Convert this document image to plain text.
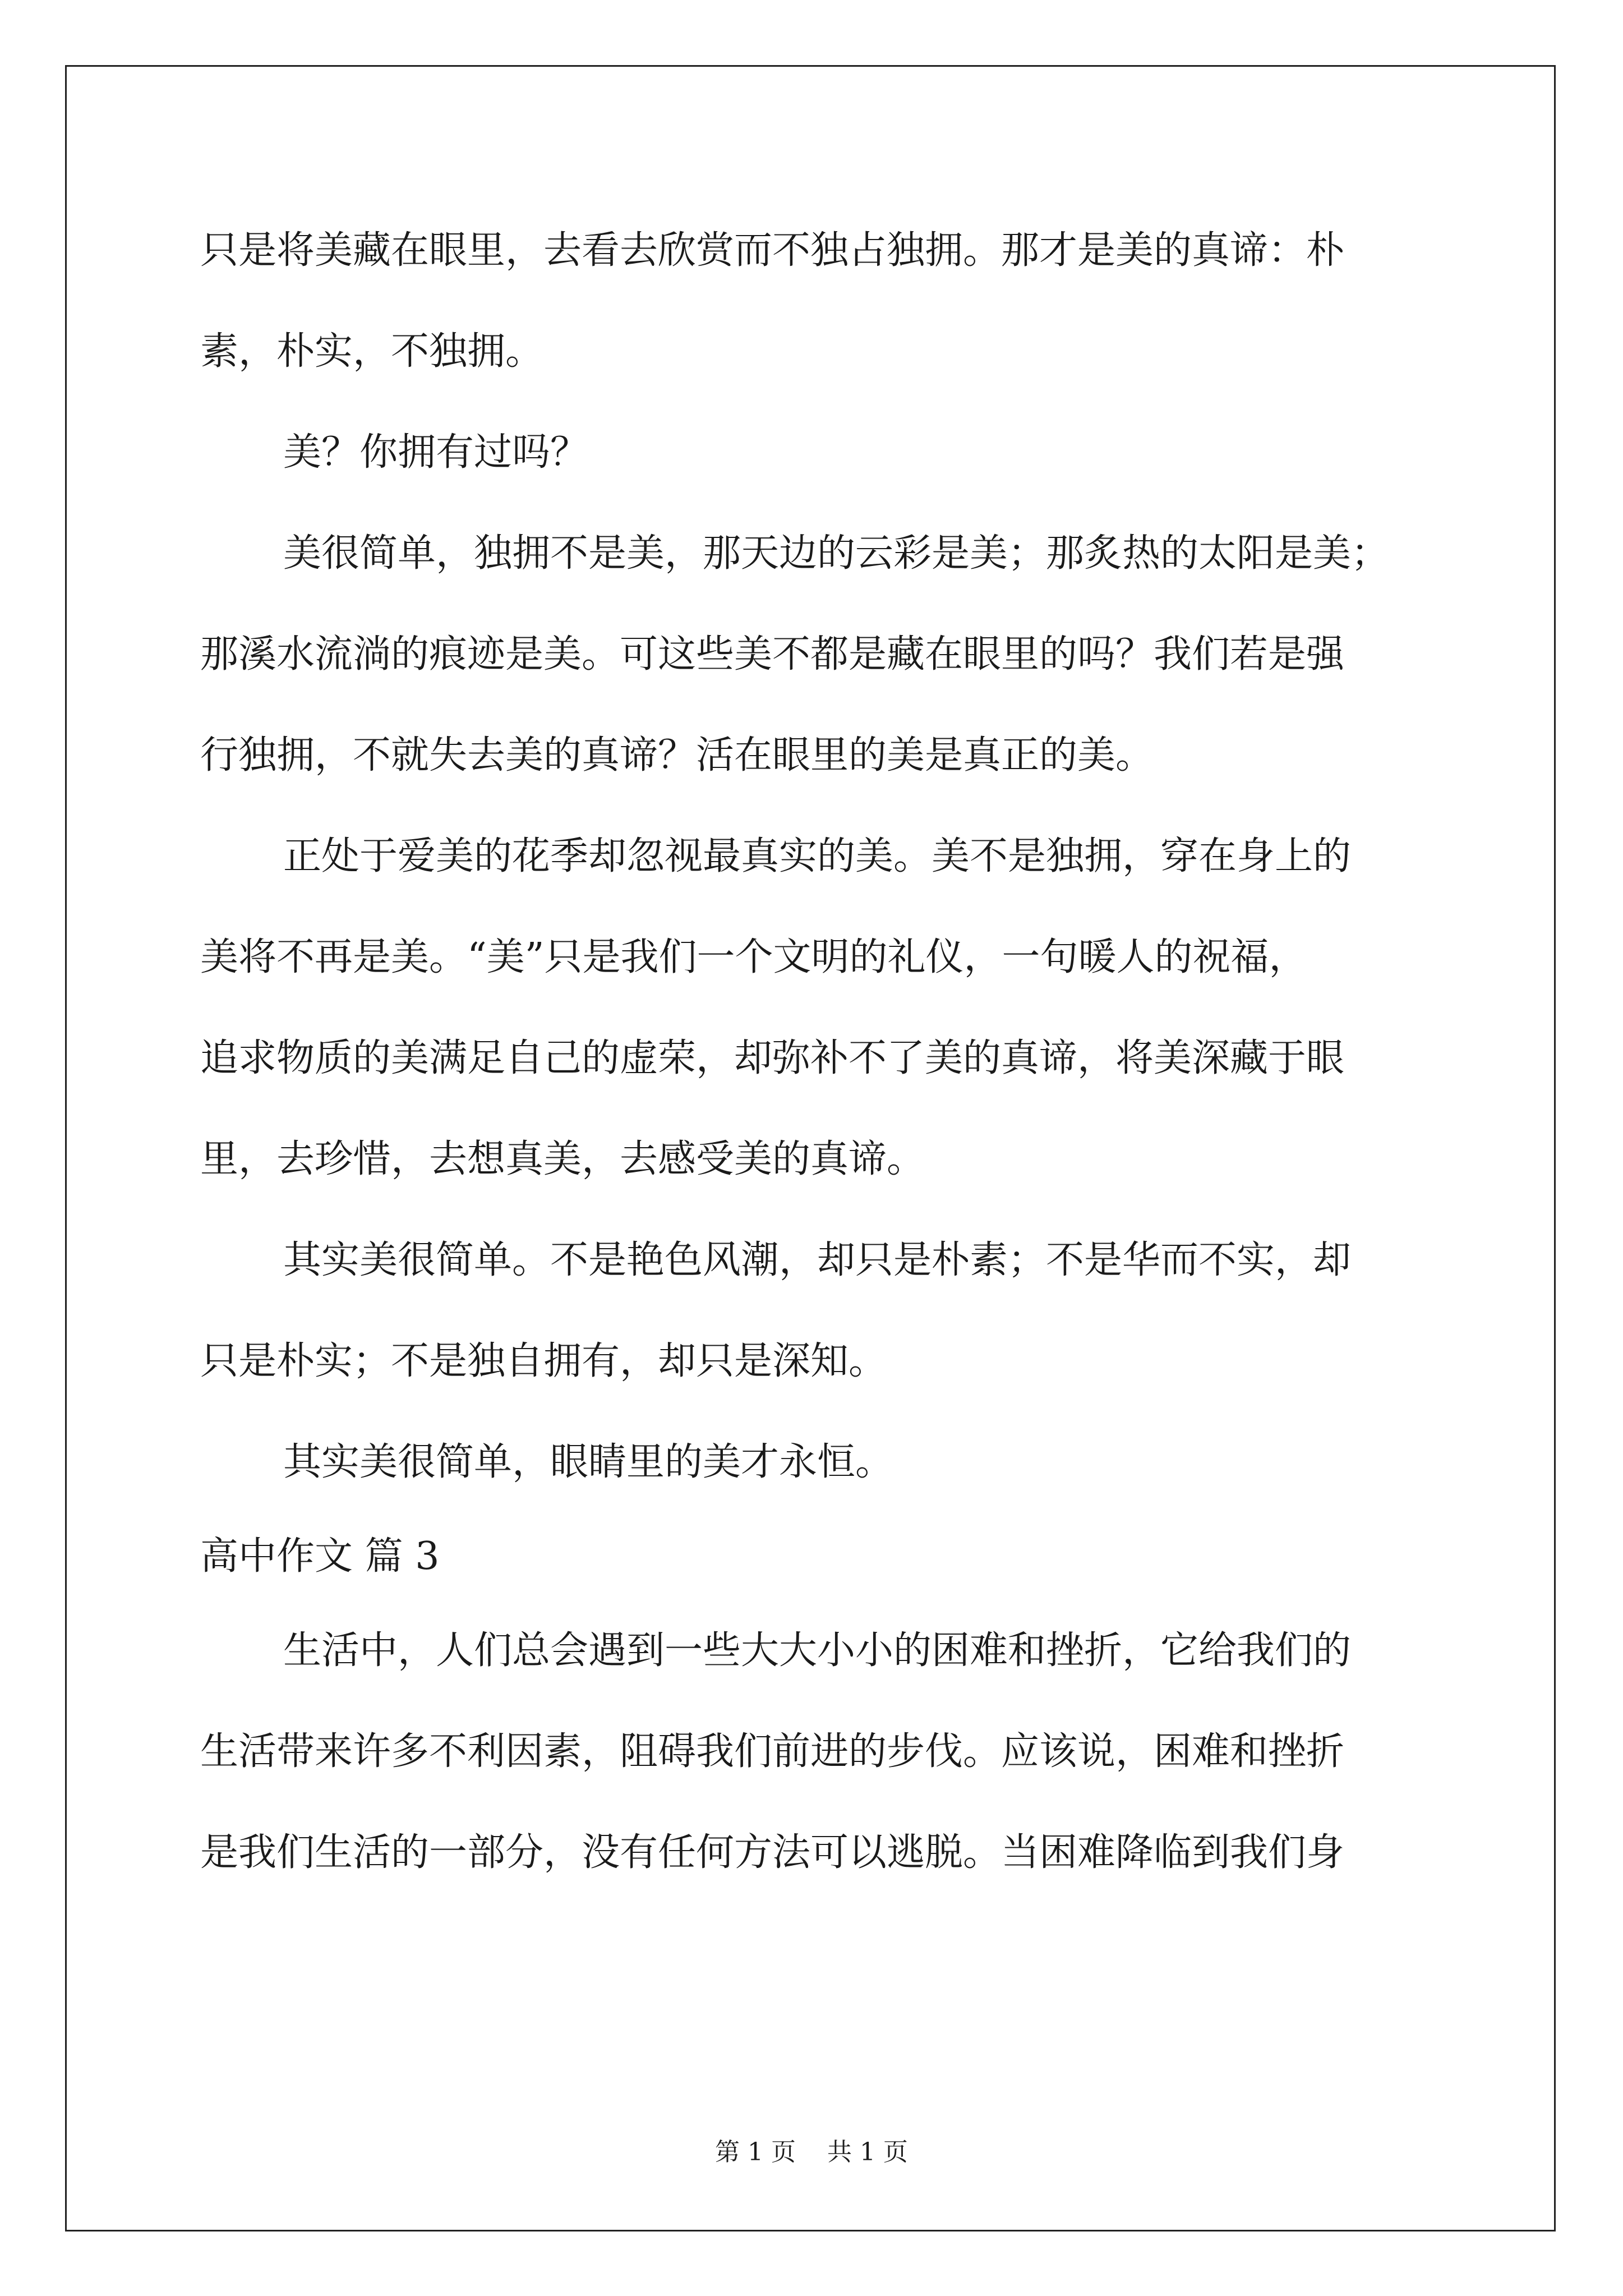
只是将美藏在眼里，去看去欣赏而不独占独拥。那才是美的真谛：朴
素，朴实，不独拥。
美？你拥有过吗？
美很简单，独拥不是美，那天边的云彩是美；那炙热的太阳是美；
那溪水流淌的痕迹是美。可这些美不都是藏在眼里的吗？我们若是强
行独拥，不就失去美的真谛？活在眼里的美是真正的美。
正处于爱美的花季却忽视最真实的美。美不是独拥，穿在身上的
美将不再是美。“美”只是我们一个文明的礼仪，一句暖人的祝福，
追求物质的美满足自己的虚荣，却弥补不了美的真谛，将美深藏于眼
里，去珍惜，去想真美，去感受美的真谛。
其实美很简单。不是艳色风潮，却只是朴素；不是华而不实，却
只是朴实；不是独自拥有，却只是深知。
其实美很简单，眼睛里的美才永恒。
高中作文 篇 3
生活中，人们总会遇到一些大大小小的困难和挫折，它给我们的
生活带来许多不利因素，阻碍我们前进的步伐。应该说，困难和挫折
是我们生活的一部分，没有任何方法可以逃脱。当困难降临到我们身
第 1 页    共 1 页
